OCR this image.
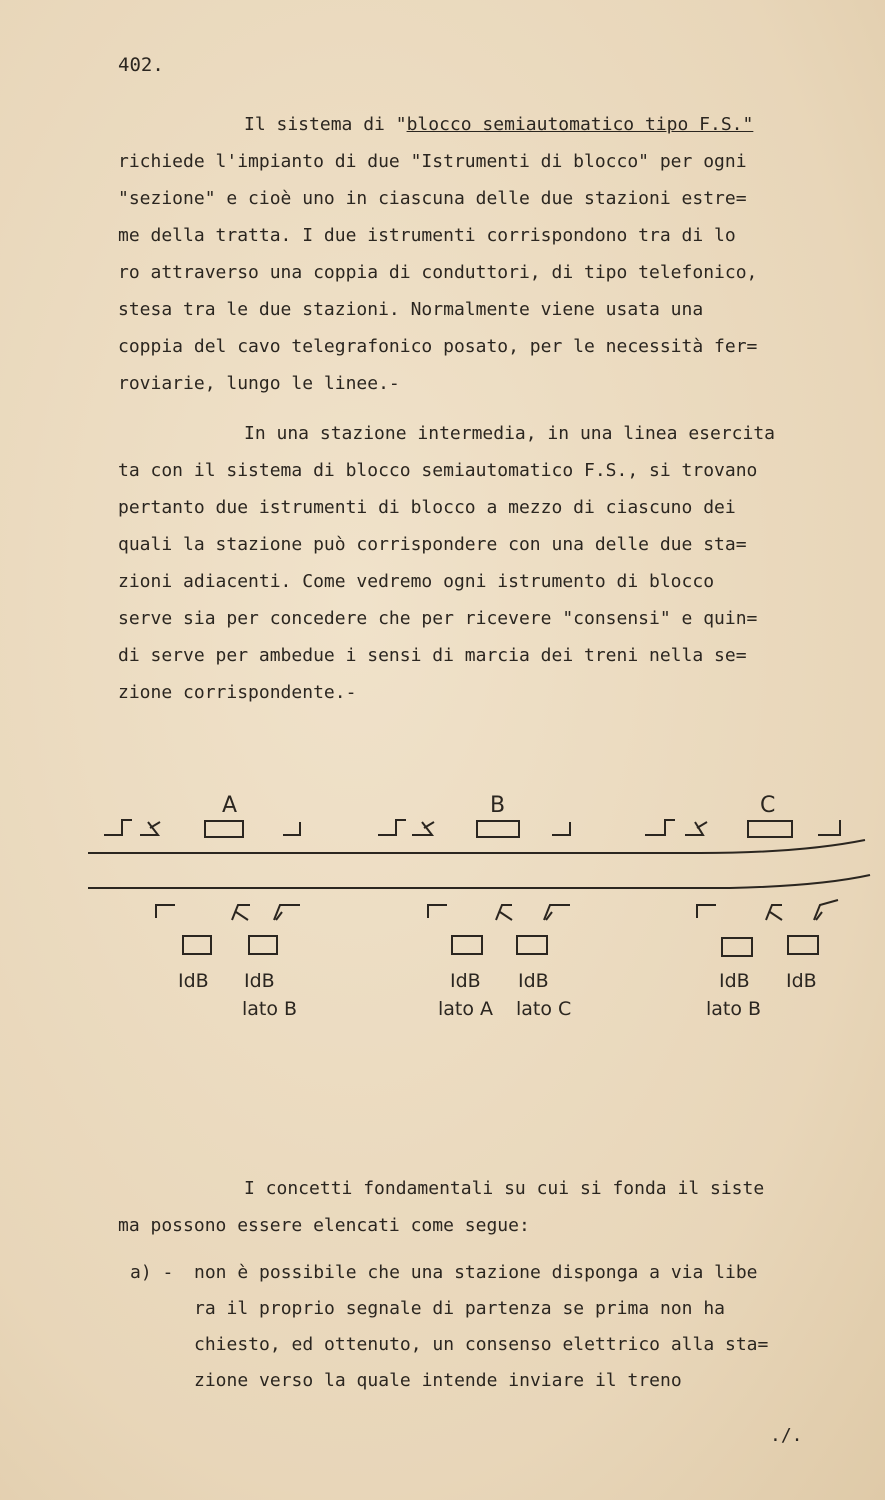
402.

Il sistema di "blocco semiautomatico tipo F.S."
richiede l'impianto di due "Istrumenti di blocco" per ogni
"sezione" e cioè uno in ciascuna delle due stazioni estre=
me della tratta. I due istrumenti corrispondono tra di lo
ro attraverso una coppia di conduttori, di tipo telefonico,
stesa tra le due stazioni. Normalmente viene usata una
coppia del cavo telegrafonico posato, per le necessità fer=
roviarie, lungo le linee.-

In una stazione intermedia, in una linea esercita
ta con il sistema di blocco semiautomatico F.S., si trovano
pertanto due istrumenti di blocco a mezzo di ciascuno dei
quali la stazione può corrispondere con una delle due sta=
zioni adiacenti. Come vedremo ogni istrumento di blocco
serve sia per concedere che per ricevere "consensi" e quin=
di serve per ambedue i sensi di marcia dei treni nella se=
zione corrispondente.-

A	B	C
IdB IdB	IdB IdB	IdB IdB
lato B	lato A lato C	lato B

I concetti fondamentali su cui si fonda il siste
ma possono essere elencati come segue:

a) - non è possibile che una stazione disponga a via libe
ra il proprio segnale di partenza se prima non ha
chiesto, ed ottenuto, un consenso elettrico alla sta=
zione verso la quale intende inviare il treno
./.
